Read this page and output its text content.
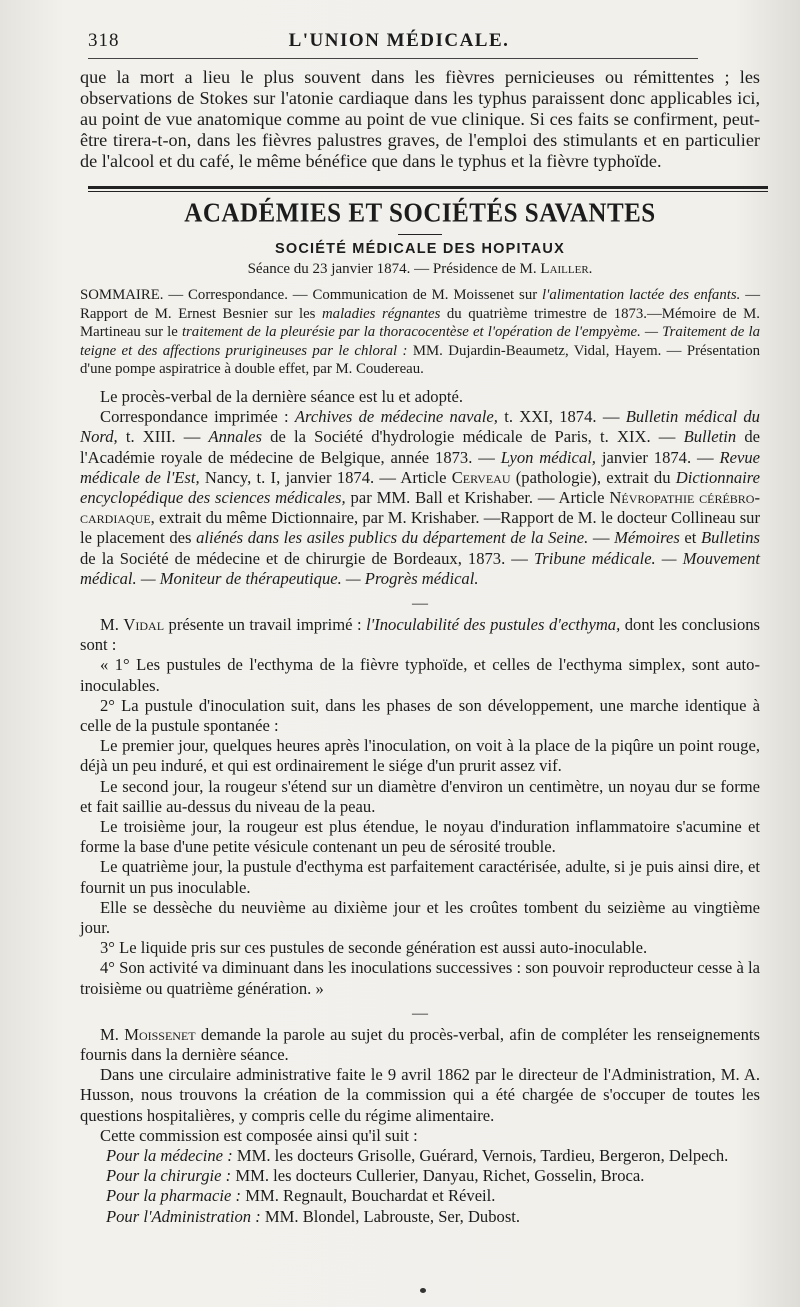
318	L'UNION MÉDICALE.

que la mort a lieu le plus souvent dans les fièvres pernicieuses ou rémittentes ; les observations de Stokes sur l'atonie cardiaque dans les typhus paraissent donc applicables ici, au point de vue anatomique comme au point de vue clinique. Si ces faits se confirment, peut-être tirera-t-on, dans les fièvres palustres graves, de l'emploi des stimulants et en particulier de l'alcool et du café, le même bénéfice que dans le typhus et la fièvre typhoïde.

ACADÉMIES ET SOCIÉTÉS SAVANTES
SOCIÉTÉ MÉDICALE DES HOPITAUX
Séance du 23 janvier 1874. — Présidence de M. Lailler.

SOMMAIRE. — Correspondance. — Communication de M. Moissenet sur l'alimentation lactée des enfants. — Rapport de M. Ernest Besnier sur les maladies régnantes du quatrième trimestre de 1873.—Mémoire de M. Martineau sur le traitement de la pleurésie par la thoracocentèse et l'opération de l'empyème. — Traitement de la teigne et des affections prurigineuses par le chloral : MM. Dujardin-Beaumetz, Vidal, Hayem. — Présentation d'une pompe aspiratrice à double effet, par M. Coudereau.

Le procès-verbal de la dernière séance est lu et adopté.

Correspondance imprimée : Archives de médecine navale, t. XXI, 1874. — Bulletin médical du Nord, t. XIII. — Annales de la Société d'hydrologie médicale de Paris, t. XIX. — Bulletin de l'Académie royale de médecine de Belgique, année 1873. — Lyon médical, janvier 1874. — Revue médicale de l'Est, Nancy, t. I, janvier 1874. — Article Cerveau (pathologie), extrait du Dictionnaire encyclopédique des sciences médicales, par MM. Ball et Krishaber. — Article Névropathie cérébro-cardiaque, extrait du même Dictionnaire, par M. Krishaber. —Rapport de M. le docteur Collineau sur le placement des aliénés dans les asiles publics du département de la Seine. — Mémoires et Bulletins de la Société de médecine et de chirurgie de Bordeaux, 1873. — Tribune médicale. — Mouvement médical. — Moniteur de thérapeutique. — Progrès médical.

—

M. Vidal présente un travail imprimé : l'Inoculabilité des pustules d'ecthyma, dont les conclusions sont :

« 1° Les pustules de l'ecthyma de la fièvre typhoïde, et celles de l'ecthyma simplex, sont auto-inoculables.

2° La pustule d'inoculation suit, dans les phases de son développement, une marche identique à celle de la pustule spontanée :

Le premier jour, quelques heures après l'inoculation, on voit à la place de la piqûre un point rouge, déjà un peu induré, et qui est ordinairement le siége d'un prurit assez vif.

Le second jour, la rougeur s'étend sur un diamètre d'environ un centimètre, un noyau dur se forme et fait saillie au-dessus du niveau de la peau.

Le troisième jour, la rougeur est plus étendue, le noyau d'induration inflammatoire s'acumine et forme la base d'une petite vésicule contenant un peu de sérosité trouble.

Le quatrième jour, la pustule d'ecthyma est parfaitement caractérisée, adulte, si je puis ainsi dire, et fournit un pus inoculable.

Elle se dessèche du neuvième au dixième jour et les croûtes tombent du seizième au vingtième jour.

3° Le liquide pris sur ces pustules de seconde génération est aussi auto-inoculable.

4° Son activité va diminuant dans les inoculations successives : son pouvoir reproducteur cesse à la troisième ou quatrième génération. »

—

M. Moissenet demande la parole au sujet du procès-verbal, afin de compléter les renseignements fournis dans la dernière séance.

Dans une circulaire administrative faite le 9 avril 1862 par le directeur de l'Administration, M. A. Husson, nous trouvons la création de la commission qui a été chargée de s'occuper de toutes les questions hospitalières, y compris celle du régime alimentaire.

Cette commission est composée ainsi qu'il suit :

Pour la médecine : MM. les docteurs Grisolle, Guérard, Vernois, Tardieu, Bergeron, Delpech.

Pour la chirurgie : MM. les docteurs Cullerier, Danyau, Richet, Gosselin, Broca.

Pour la pharmacie : MM. Regnault, Bouchardat et Réveil.

Pour l'Administration : MM. Blondel, Labrouste, Ser, Dubost.
